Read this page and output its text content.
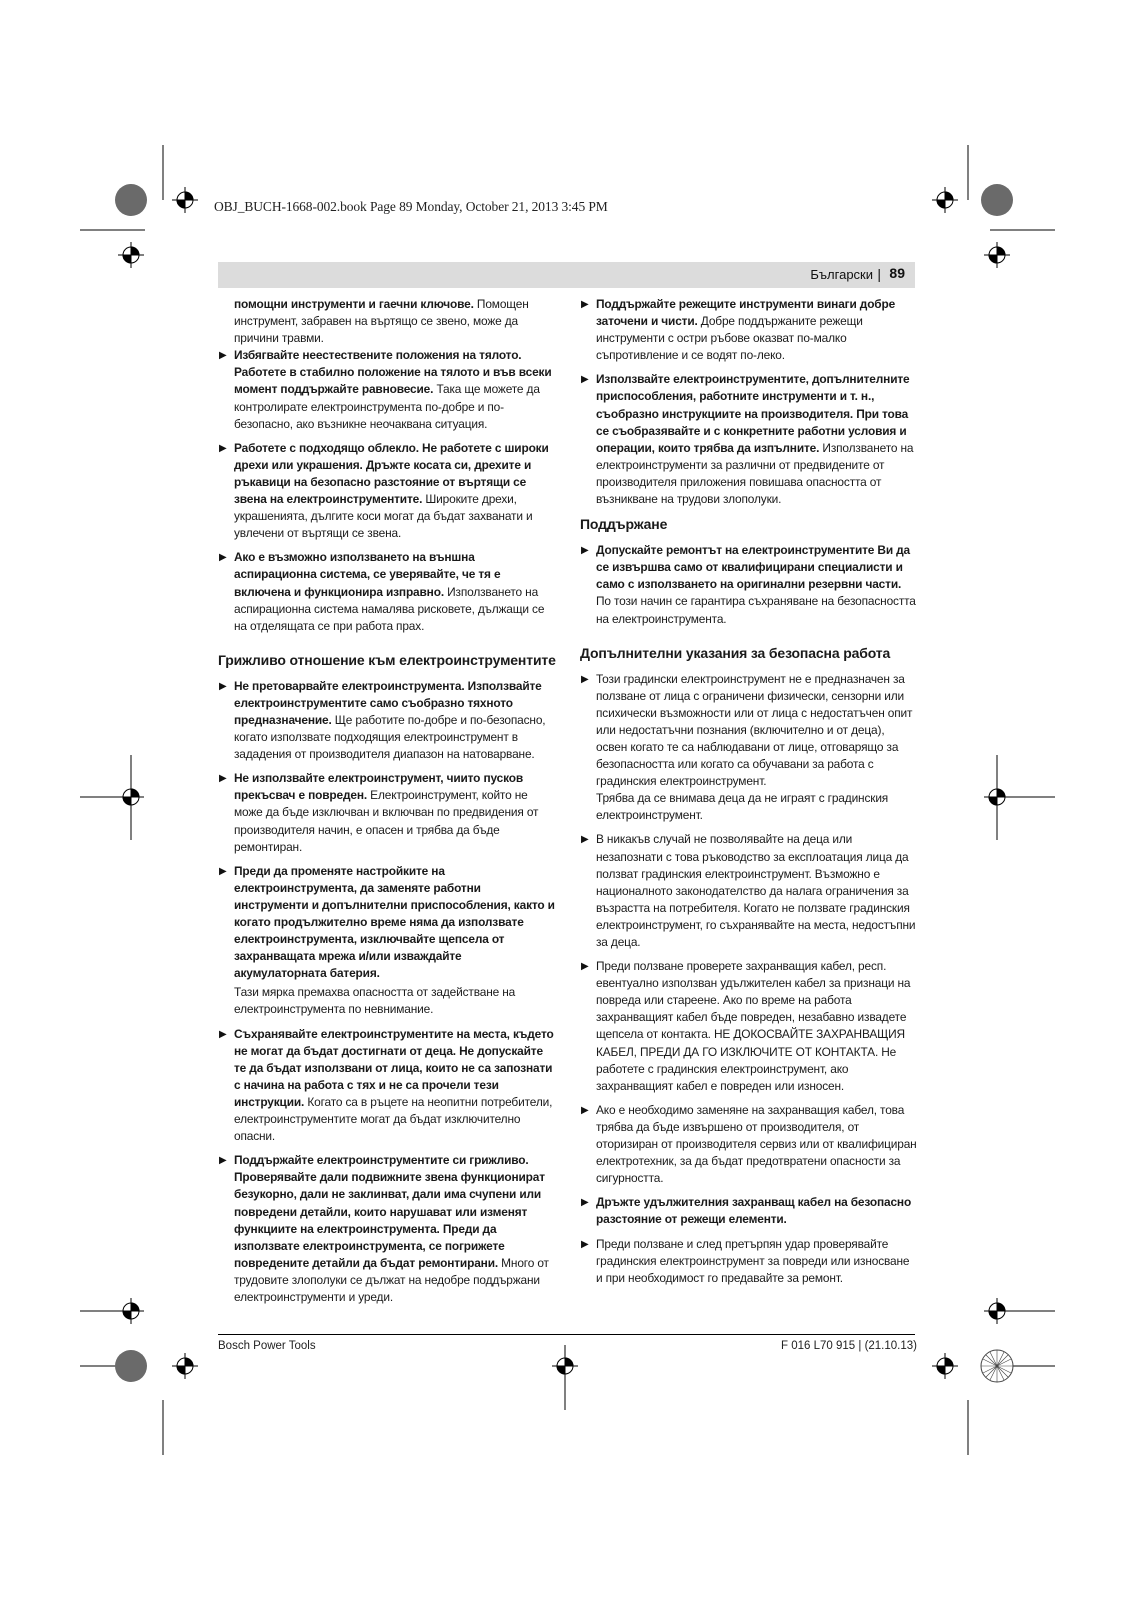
OBJ_BUCH-1668-002.book Page 89 Monday, October 21, 2013 3:45 PM
Български | 89

помощни инструменти и гаечни ключове. Помощен инструмент, забравен на въртящо се звено, може да причини травми.

▶ Избягвайте неестествените положения на тялото. Работете в стабилно положение на тялото и във всеки момент поддържайте равновесие. Така ще можете да контролирате електроинструмента по-добре и по-безопасно, ако възникне неочаквана ситуация.
▶ Работете с подходящо облекло. Не работете с широки дрехи или украшения. Дръжте косата си, дрехите и ръкавици на безопасно разстояние от въртящи се звена на електроинструментите. Широките дрехи, украшенията, дългите коси могат да бъдат захванати и увлечени от въртящи се звена.
▶ Ако е възможно използването на външна аспирационна система, се уверявайте, че тя е включена и функционира изправно. Използването на аспирационна система намалява рисковете, дължащи се на отделящата се при работа прах.
Грижливо отношение към електроинструментите
▶ Не претоварвайте електроинструмента. Използвайте електроинструментите само съобразно тяхното предназначение. Ще работите по-добре и по-безопасно, когато използвате подходящия електроинструмент в зададения от производителя диапазон на натоварване.
▶ Не използвайте електроинструмент, чиито пусков прекъсвач е повреден. Електроинструмент, който не може да бъде изключван и включван по предвидения от производителя начин, е опасен и трябва да бъде ремонтиран.
▶ Преди да променяте настройките на електроинструмента, да заменяте работни инструменти и допълнителни приспособления, както и когато продължително време няма да използвате електроинструмента, изключвайте щепсела от захранващата мрежа и/или изваждайте акумулаторната батерия.
Тази мярка премахва опасността от задействане на електроинструмента по невнимание.
▶ Съхранявайте електроинструментите на места, където не могат да бъдат достигнати от деца. Не допускайте те да бъдат използвани от лица, които не са запознати с начина на работа с тях и не са прочели тези инструкции. Когато са в ръцете на неопитни потребители, електроинструментите могат да бъдат изключително опасни.
▶ Поддържайте електроинструментите си грижливо. Проверявайте дали подвижните звена функционират безукорно, дали не заклинват, дали има счупени или повредени детайли, които нарушават или изменят функциите на електроинструмента. Преди да използвате електроинструмента, се погрижете повредените детайли да бъдат ремонтирани. Много от трудовите злополуки се дължат на недобре поддържани електроинструменти и уреди.
▶ Поддържайте режещите инструменти винаги добре заточени и чисти. Добре поддържаните режещи инструменти с остри ръбове оказват по-малко съпротивление и се водят по-леко.
▶ Използвайте електроинструментите, допълнителните приспособления, работните инструменти и т. н., съобразно инструкциите на производителя. При това се съобразявайте и с конкретните работни условия и операции, които трябва да изпълните. Използването на електроинструменти за различни от предвидените от производителя приложения повишава опасността от възникване на трудови злополуки.
Поддържане
▶ Допускайте ремонтът на електроинструментите Ви да се извършва само от квалифицирани специалисти и само с използването на оригинални резервни части. По този начин се гарантира съхраняване на безопасността на електроинструмента.
Допълнителни указания за безопасна работа
▶ Този градински електроинструмент не е предназначен за ползване от лица с ограничени физически, сензорни или психически възможности или от лица с недостатъчен опит или недостатъчни познания (включително и от деца), освен когато те са наблюдавани от лице, отговарящо за безопасността или когато са обучавани за работа с градинския електроинструмент.
Трябва да се внимава деца да не играят с градинския електроинструмент.
▶ В никакъв случай не позволявайте на деца или незапознати с това ръководство за експлоатация лица да ползват градинския електроинструмент. Възможно е националното законодателство да налага ограничения за възрастта на потребителя. Когато не ползвате градинския електроинструмент, го съхранявайте на места, недостъпни за деца.
▶ Преди ползване проверете захранващия кабел, респ. евентуално използван удължителен кабел за признаци на повреда или стареене. Ако по време на работа захранващият кабел бъде повреден, незабавно извадете щепсела от контакта. НЕ ДОКОСВАЙТЕ ЗАХРАНВАЩИЯ КАБЕЛ, ПРЕДИ ДА ГО ИЗКЛЮЧИТЕ ОТ КОНТАКТА. Не работете с градинския електроинструмент, ако захранващият кабел е повреден или износен.
▶ Ако е необходимо заменяне на захранващия кабел, това трябва да бъде извършено от производителя, от оторизиран от производителя сервиз или от квалифициран електротехник, за да бъдат предотвратени опасности за сигурността.
▶ Дръжте удължителния захранващ кабел на безопасно разстояние от режещи елементи.
▶ Преди ползване и след претърпян удар проверявайте градинския електроинструмент за повреди или износване и при необходимост го предавайте за ремонт.
Bosch Power Tools	F 016 L70 915 | (21.10.13)
